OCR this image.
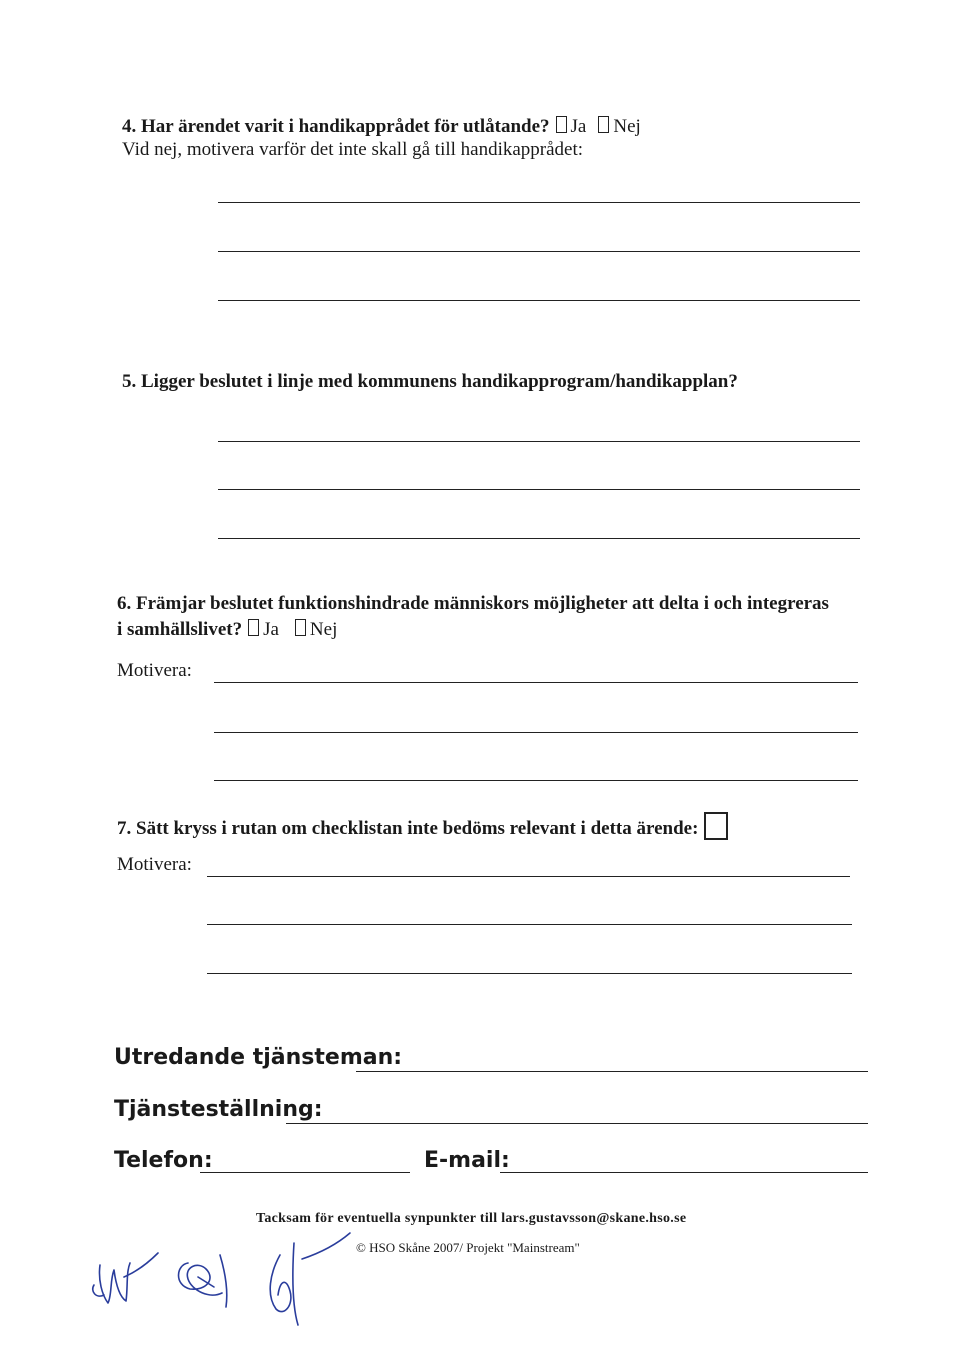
4. Har ärendet varit i handikapprådet för utlåtande? Ja Nej
Vid nej, motivera varför det inte skall gå till handikapprådet:
5. Ligger beslutet i linje med kommunens handikapprogram/handikapplan?
6. Främjar beslutet funktionshindrade människors möjligheter att delta i och integreras
i samhällslivet? Ja Nej
Motivera:
7. Sätt kryss i rutan om checklistan inte bedöms relevant i detta ärende:
Motivera:
Utredande tjänsteman:
Tjänsteställning:
Telefon:	E-mail:
Tacksam för eventuella synpunkter till lars.gustavsson@skane.hso.se
© HSO Skåne 2007/ Projekt "Mainstream"
